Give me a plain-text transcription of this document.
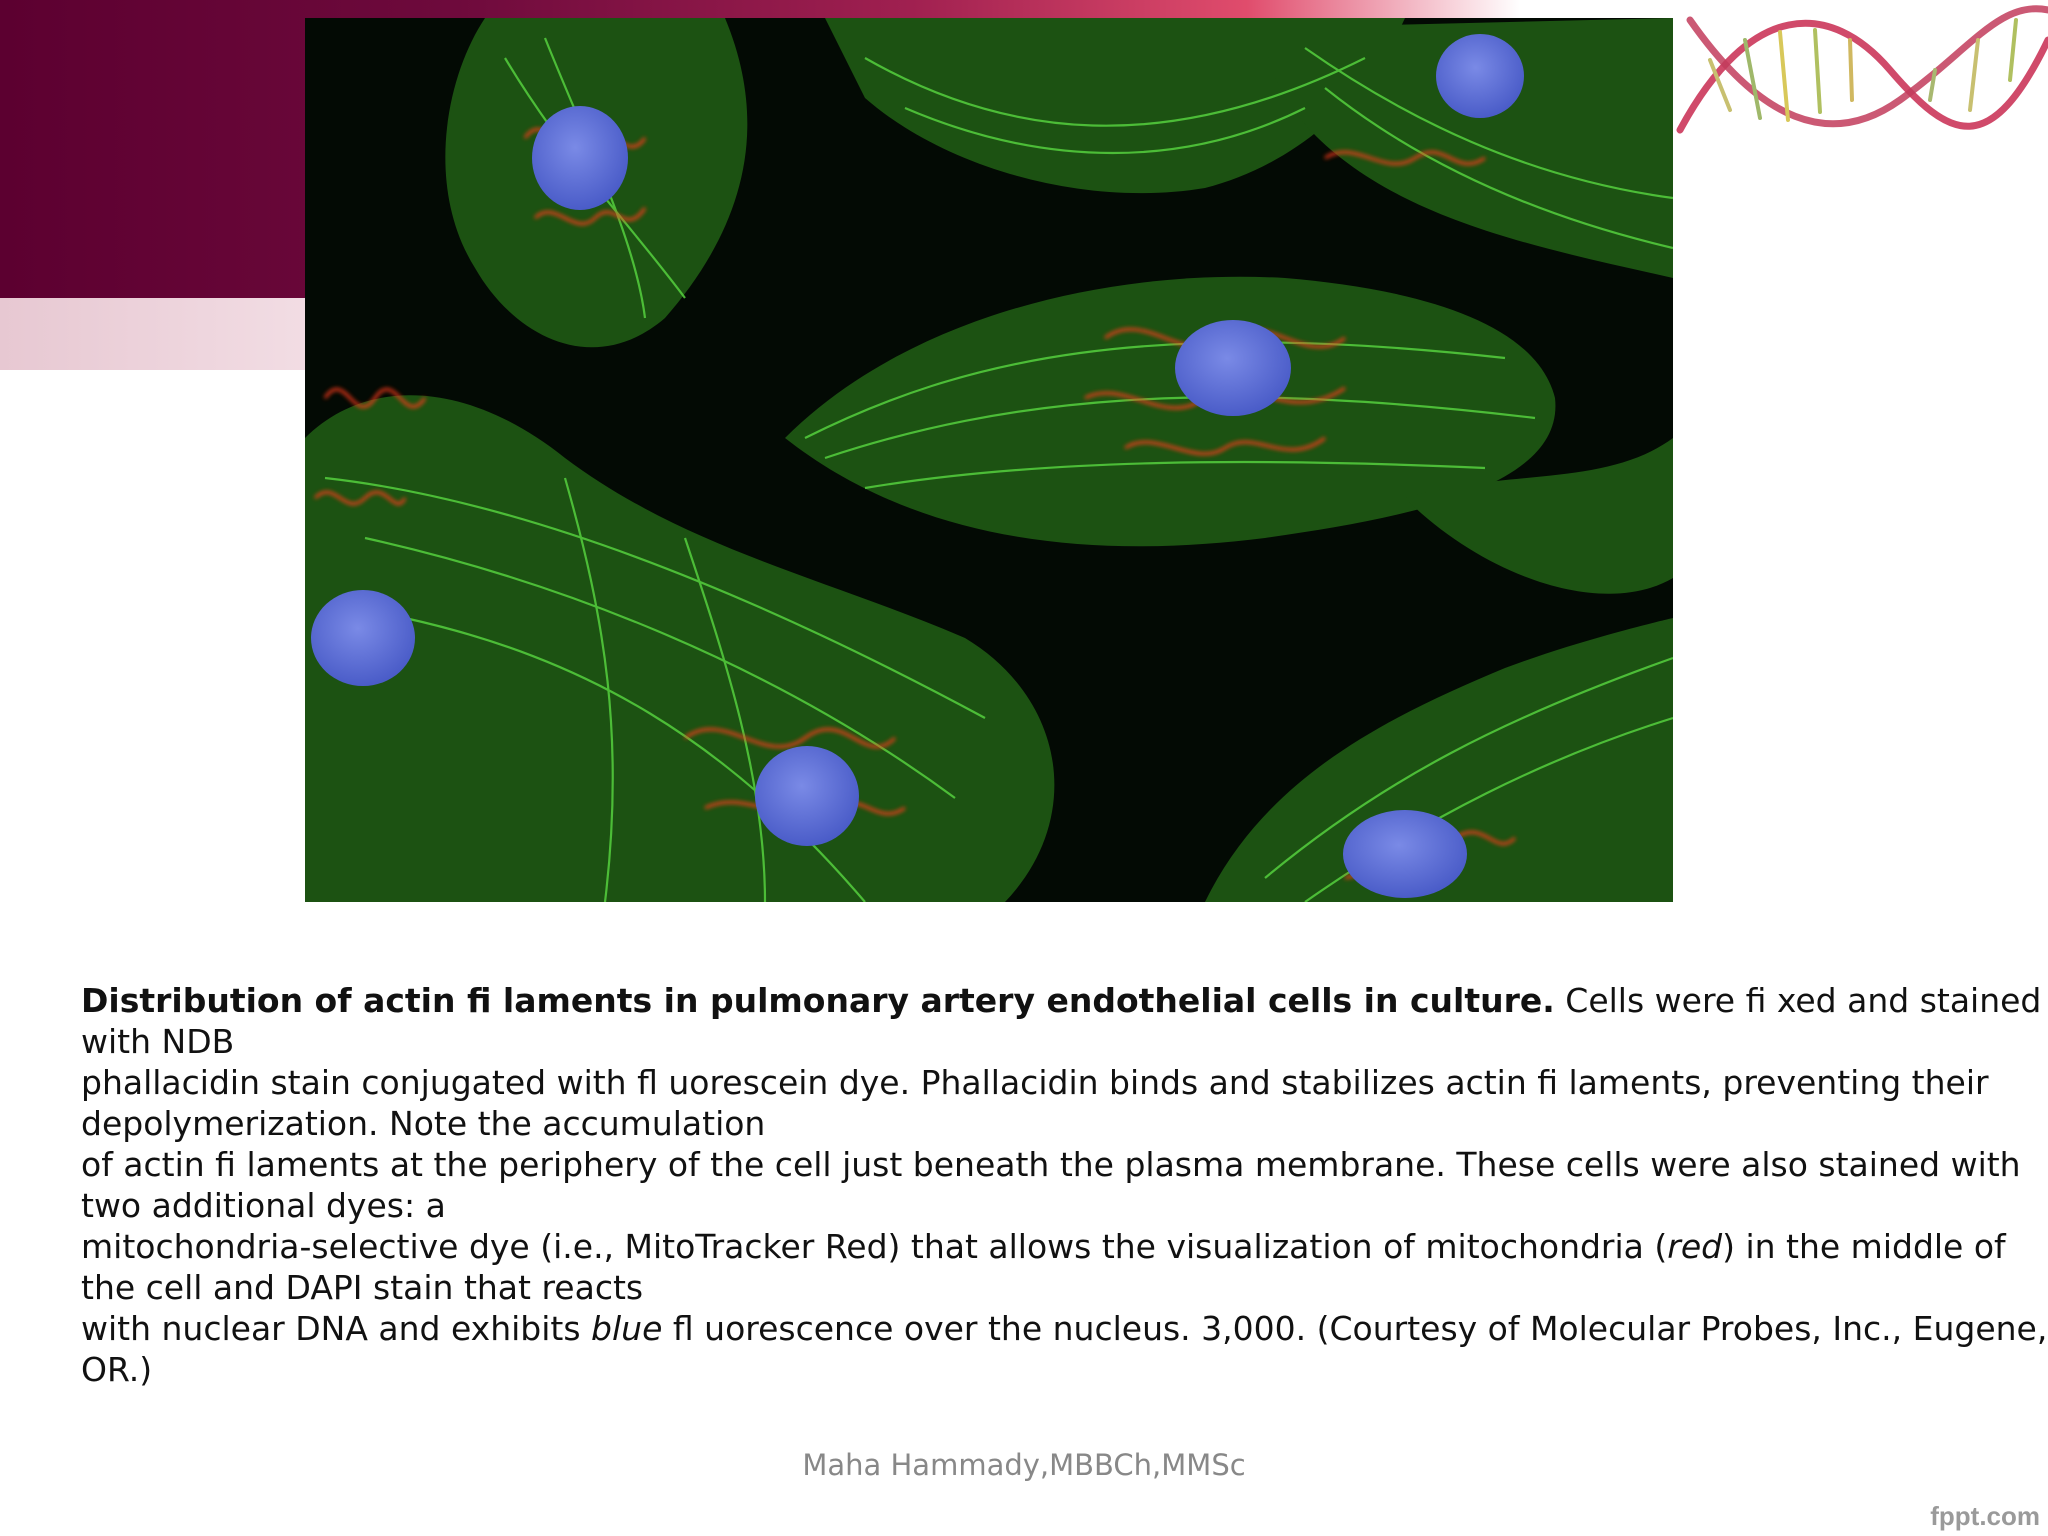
Distribution of actin fi laments in pulmonary artery endothelial cells in culture. Cells were fi xed and stained
with NDB
phallacidin stain conjugated with fl uorescein dye. Phallacidin binds and stabilizes actin fi laments, preventing their
depolymerization. Note the accumulation
of actin fi laments at the periphery of the cell just beneath the plasma membrane. These cells were also stained with
two additional dyes: a
mitochondria-selective dye (i.e., MitoTracker Red) that allows the visualization of mitochondria (red) in the middle of
the cell and DAPI stain that reacts
with nuclear DNA and exhibits blue fl uorescence over the nucleus. 3,000. (Courtesy of Molecular Probes, Inc., Eugene,
OR.)
Maha Hammady,MBBCh,MMSc
fppt.com
